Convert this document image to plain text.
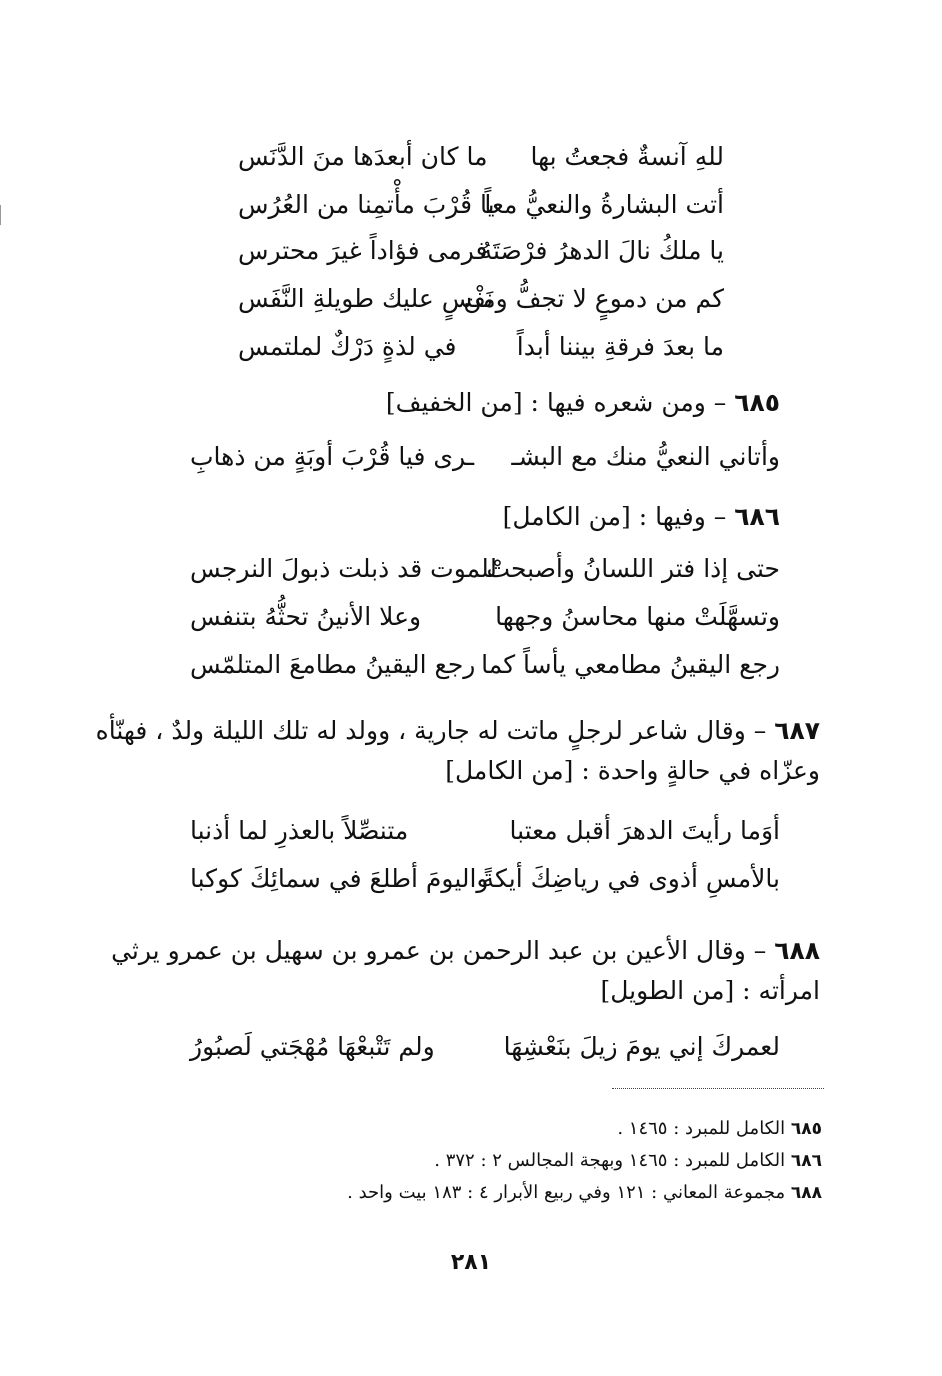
للهِ آنسةٌ فجعتُ بها
ما كان أبعدَها منَ الدَّنَس
أتت البشارةُ والنعيُّ معاً
يا قُرْبَ مأْتمِنا من العُرُس
يا ملكُ نالَ الدهرُ فرْصَتَهُ
فرمى فؤاداً غيرَ محترس
كم من دموعٍ لا تجفُّ ومن
نَفْسٍ عليك طويلةِ النَّفَس
ما بعدَ فرقةِ بيننا أبداً
في لذةٍ دَرْكٌ لملتمس
٦٨٥ – ومن شعره فيها : [من الخفيف]
وأتاني النعيُّ منك مع البشـ
ـرى فيا قُرْبَ أوبَةٍ من ذهابِ
٦٨٦ – وفيها : [من الكامل]
حتى إذا فتر اللسانُ وأصبحتْ
للموت قد ذبلت ذبولَ النرجس
وتسهَّلَتْ منها محاسنُ وجهها
وعلا الأنينُ تحثُّهُ بتنفس
رجع اليقينُ مطامعي يأساً كما
رجع اليقينُ مطامعَ المتلمّس
٦٨٧ – وقال شاعر لرجلٍ ماتت له جارية ، وولد له تلك الليلة ولدٌ ، فهنّأه
وعزّاه في حالةٍ واحدة : [من الكامل]
أوَما رأيتَ الدهرَ أقبل معتبا
متنصِّلاً بالعذرِ لما أذنبا
بالأمسِ أذوى في رياضِكَ أيكةً
واليومَ أطلعَ في سمائِكَ كوكبا
٦٨٨ – وقال الأعين بن عبد الرحمن بن عمرو بن سهيل بن عمرو يرثي
امرأته : [من الطويل]
لعمركَ إني يومَ زيلَ بنَعْشِهَا
ولم تَتْبعْهَا مُهْجَتي لَصبُورُ
٦٨٥ الكامل للمبرد : ١٤٦٥ .
٦٨٦ الكامل للمبرد : ١٤٦٥ وبهجة المجالس ٢ : ٣٧٢ .
٦٨٨ مجموعة المعاني : ١٢١ وفي ربيع الأبرار ٤ : ١٨٣ بيت واحد .
٢٨١
